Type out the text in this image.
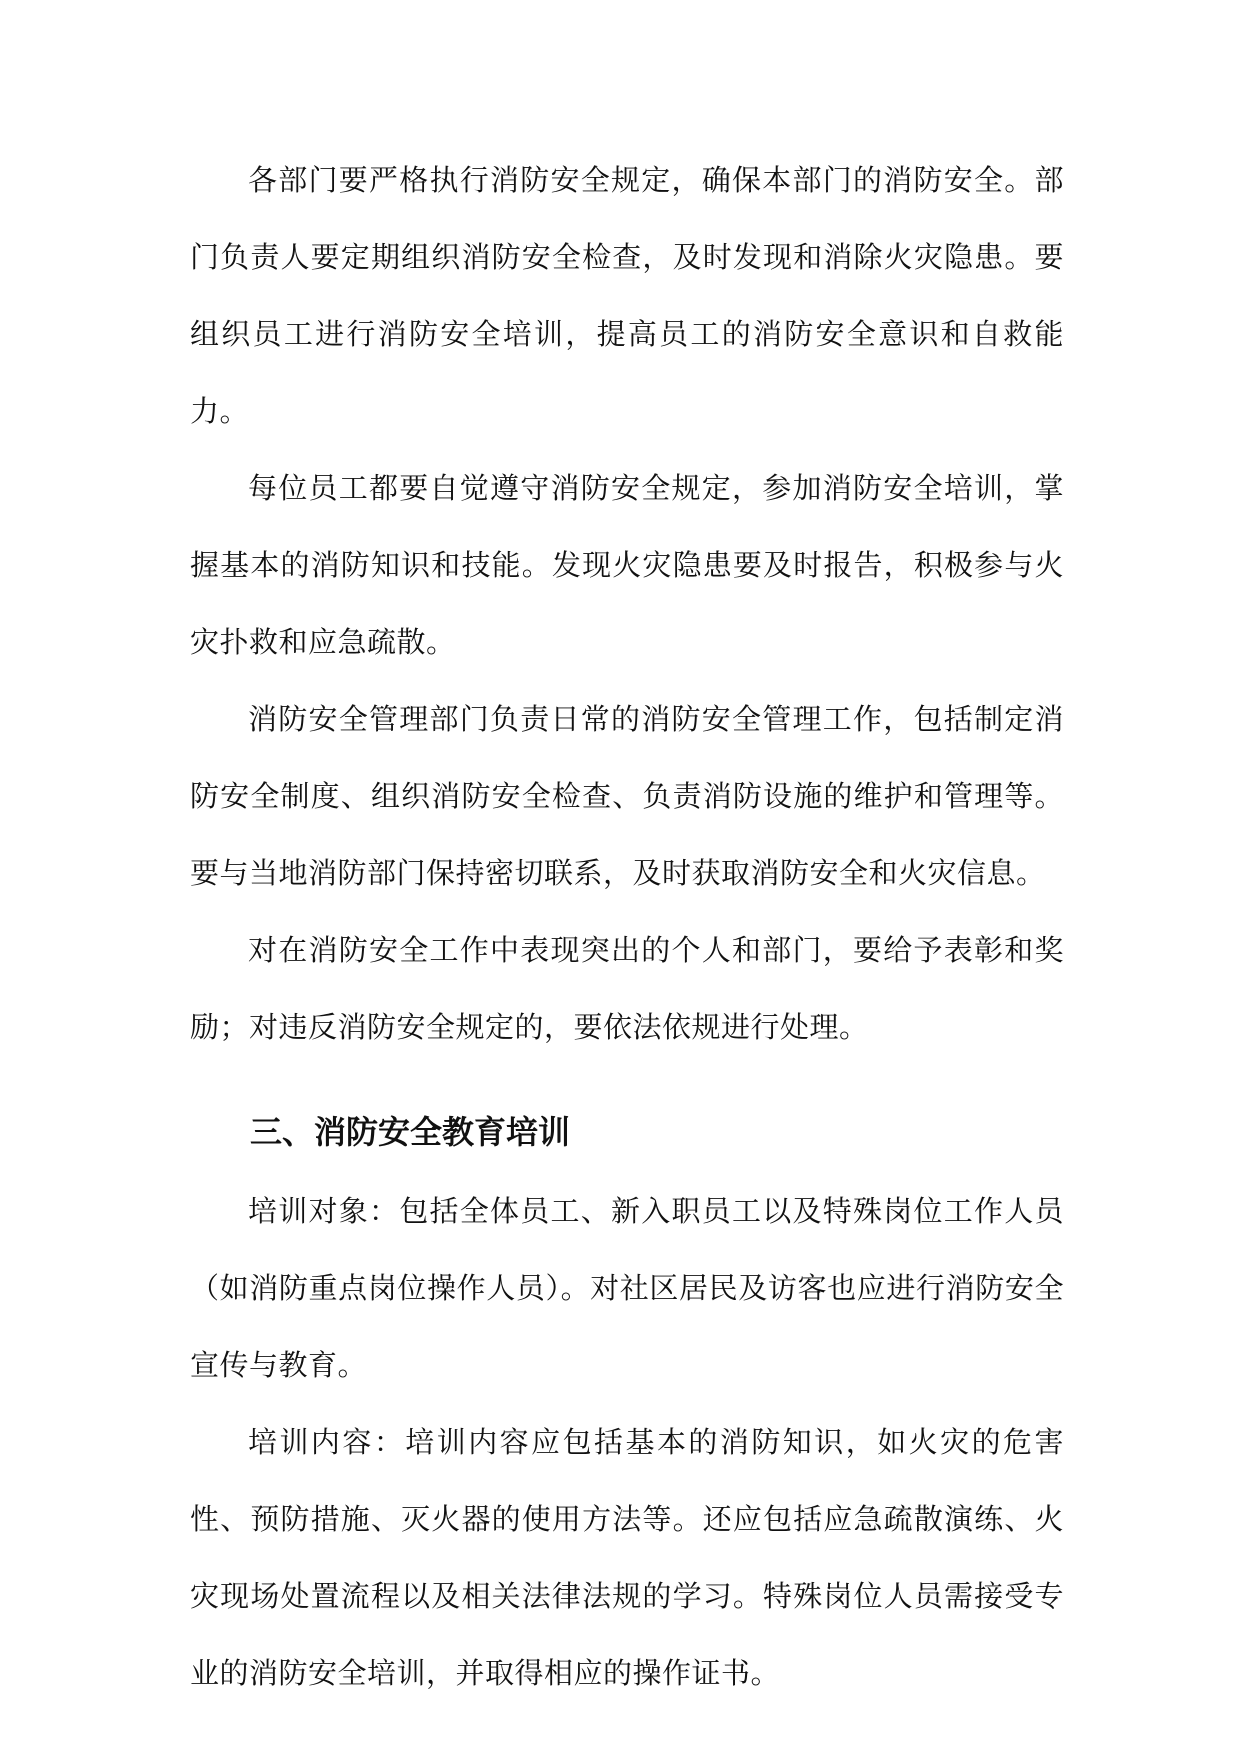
各部门要严格执行消防安全规定，确保本部门的消防安全。部门负责人要定期组织消防安全检查，及时发现和消除火灾隐患。要组织员工进行消防安全培训，提高员工的消防安全意识和自救能力。

每位员工都要自觉遵守消防安全规定，参加消防安全培训，掌握基本的消防知识和技能。发现火灾隐患要及时报告，积极参与火灾扑救和应急疏散。

消防安全管理部门负责日常的消防安全管理工作，包括制定消防安全制度、组织消防安全检查、负责消防设施的维护和管理等。要与当地消防部门保持密切联系，及时获取消防安全和火灾信息。

对在消防安全工作中表现突出的个人和部门，要给予表彰和奖励；对违反消防安全规定的，要依法依规进行处理。

三、消防安全教育培训

培训对象：包括全体员工、新入职员工以及特殊岗位工作人员（如消防重点岗位操作人员）。对社区居民及访客也应进行消防安全宣传与教育。

培训内容：培训内容应包括基本的消防知识，如火灾的危害性、预防措施、灭火器的使用方法等。还应包括应急疏散演练、火灾现场处置流程以及相关法律法规的学习。特殊岗位人员需接受专业的消防安全培训，并取得相应的操作证书。
